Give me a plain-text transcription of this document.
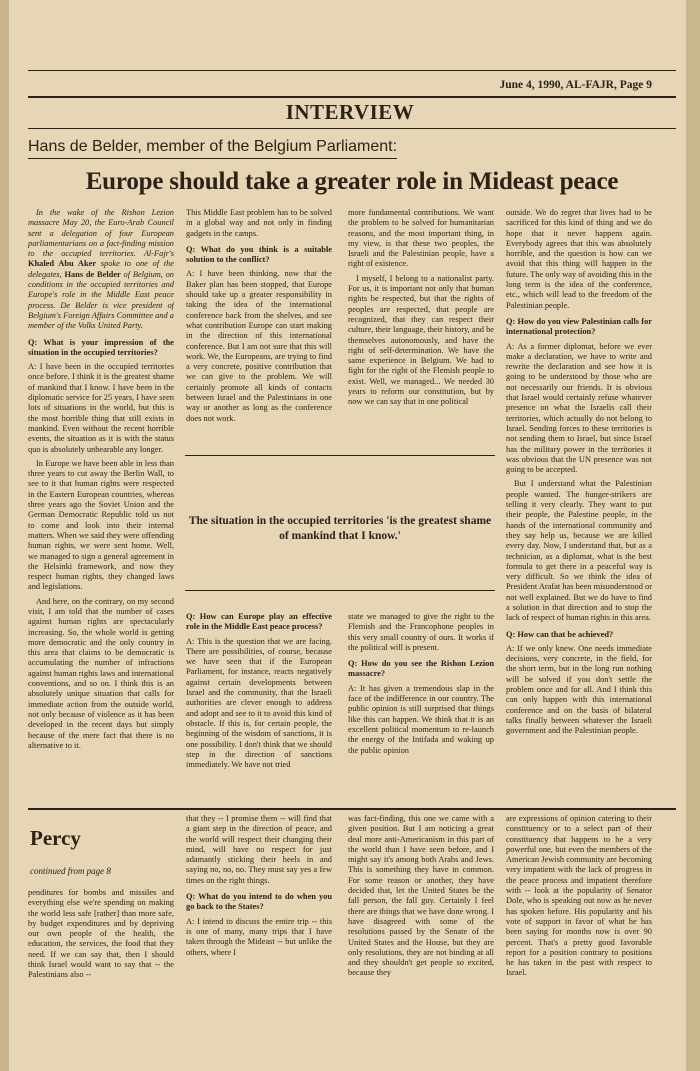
June 4, 1990, AL-FAJR, Page 9
INTERVIEW
Hans de Belder, member of the Belgium Parliament:
Europe should take a greater role in Mideast peace

In the wake of the Rishon Lezion massacre May 20, the Euro-Arab Council sent a delegation of four European parliamentarians on a fact-finding mission to the occupied territories. Al-Fajr's Khaled Abu Aker spoke to one of the delegates, Hans de Belder of Belgium, on conditions in the occupied territories and Europe's role in the Middle East peace process. De Belder is vice president of Belgium's Foreign Affairs Committee and a member of the Volks United Party.

Q: What is your impression of the situation in the occupied territories?

A: I have been in the occupied territories once before. I think it is the greatest shame of mankind that I know. I have been in the diplomatic service for 25 years, I have seen lots of situations in the world, but this is the most horrible thing that still exists in mankind. Even without the recent horrible events, the situation as it is with the status quo is absolutely unbearable any longer.

In Europe we have been able in less than three years to cut away the Berlin Wall, to see to it that human rights were respected in the Eastern European countries, whereas three years ago the Soviet Union and the German Democratic Republic told us not to come and look into their internal matters. When we said they were offending human rights, we were sent home. Well, we managed to sign a general agreement in the Helsinki framework, and now they respect human rights, they changed laws and legislations.

And here, on the contrary, on my second visit, I am told that the number of cases against human rights are spectacularly increasing. So, the whole world is getting more democratic and the only country in this area that claims to be democratic is accumulating the number of infractions against human rights laws and international conventions, and so on. I think this is an absolutely unique situation that calls for immediate action from the outside world, not only because of violence as it has been developed in the recent days but simply because of the mere fact that there is no alternative to it.

This Middle East problem has to be solved in a global way and not only in finding gadgets in the camps.

Q: What do you think is a suitable solution to the conflict?

A: I have been thinking, now that the Baker plan has been stopped, that Europe should take up a greater responsibility in taking the idea of the international conference back from the shelves, and see what contribution Europe can start making in the direction of this international conference. But I am not sure that this will work. We, the Europeans, are trying to find a very concrete, positive contribution that we can give to the problem. We will certainly promote all kinds of contacts between Israel and the Palestinians in one way or another as long as the conference does not work.

more fundamental contributions. We want the problem to be solved for humanitarian reasons, and the most important thing, in my view, is that these two peoples, the Israeli and the Palestinian people, have a right of existence.

I myself, I belong to a nationalist party. For us, it is important not only that human rights be respected, but that the rights of peoples are respected, that people are recognized, that they can respect their culture, their language, their history, and be themselves autonomously, and have the right of self-determination. We have the same experience in Belgium. We had to fight for the right of the Flemish people to exist. Well, we managed... We needed 30 years to reform our constitution, but by now we can say that in one political

The situation in the occupied territories 'is the greatest shame of mankind that I know.'

Q: How can Europe play an effective role in the Middle East peace process?

A: This is the question that we are facing. There are possibilities, of course, because we have seen that if the European Parliament, for instance, reacts negatively against certain developments between Israel and the community, that the Israeli authorities are clever enough to address and adopt and see to it to avoid this kind of obstacle. If this is, for certain people, the beginning of the wisdom of sanctions, it is one possibility. I don't think that we should step in the direction of sanctions immediately. We have not tried

state we managed to give the right to the Flemish and the Francophone peoples in this very small country of ours. It works if the political will is present.

Q: How do you see the Rishon Lezion massacre?

A: It has given a tremendous slap in the face of the indifference in our country. The public opinion is still surprised that things like this can happen. We think that it is an excellent political momentum to re-launch the energy of the Intifada and waking up the public opinion

outside. We do regret that lives had to be sacrificed for this kind of thing and we do hope that it never happens again. Everybody agrees that this was absolutely horrible, and the question is how can we avoid that this thing will happen in the future. The only way of avoiding this in the long term is the idea of the conference, etc., which will lead to the freedom of the Palestinian people.

Q: How do you view Palestinian calls for international protection?

A: As a former diplomat, before we ever make a declaration, we have to write and rewrite the declaration and see how it is going to be understood by those who are not necessarily our friends. It is obvious that Israel would certainly refuse whatever presence on what the Israelis call their territories, which actually do not belong to Israel. Sending forces to these territories is not sending them to Israel, but since Israel has the military power in the territories it was obvious that the UN presence was not going to be accepted.

But I understand what the Palestinian people wanted. The hunger-strikers are telling it very clearly. They want to put their people, the Palestine people, in the hands of the international community and they say help us, because we are killed every day. Now, I understand that, but as a technician, as a diplomat, what is the best formula to get there in a peaceful way is very difficult. So we think the idea of President Arafat has been misunderstood or not well explained. But we do have to find a solution in that direction and to stop the lack of respect of human rights in this area.

Q: How can that be achieved?

A: If we only knew. One needs immediate decisions, very concrete, in the field, for the short term, but in the long run nothing will be solved if you don't settle the problem once and for all. And I think this can only happen with this international conference and on the basis of bilateral talks finally between whatever the Israeli government and the Palestinian people.

Percy
continued from page 8

penditures for bombs and missiles and everything else we're spending on making the world less safe [rather] than more safe, by budget expenditures and by depriving our own people of the health, the education, the services, the food that they need. If we can say that, then I should think Israel would want to say that -- the Palestinians also --

that they -- I promise them -- will find that a giant step in the direction of peace, and the world will respect their changing their mind, will have no respect for just adamantly sticking their heels in and saying no, no, no. They must say yes a few times on the right things.

Q: What do you intend to do when you go back to the States?

A: I intend to discuss the entire trip -- this is one of many, many trips that I have taken through the Mideast -- but unlike the others, where I

was fact-finding, this one we came with a given position. But I am noticing a great deal more anti-Americanism in this part of the world than I have seen before, and I might say it's among both Arabs and Jews. This is something they have in common. For some reason or another, they have decided that, let the United States be the fall person, the fall guy. Certainly I feel there are things that we have done wrong. I have disagreed with some of the resolutions passed by the Senate of the United States and the House, but they are only resolutions, they are not binding at all and they shouldn't get people so excited, because they

are expressions of opinion catering to their constituency or to a select part of their constituency that happens to be a very powerful one, but even the members of the American Jewish community are becoming very impatient with the lack of progress in the peace process and impatient therefore with -- look at the popularity of Senator Dole, who is speaking out now as he never has spoken before. His popularity and his vote of support in favor of what he has been saying for months now is over 90 percent. That's a pretty good favorable report for a position contrary to positions he has taken in the past with respect to Israel.
